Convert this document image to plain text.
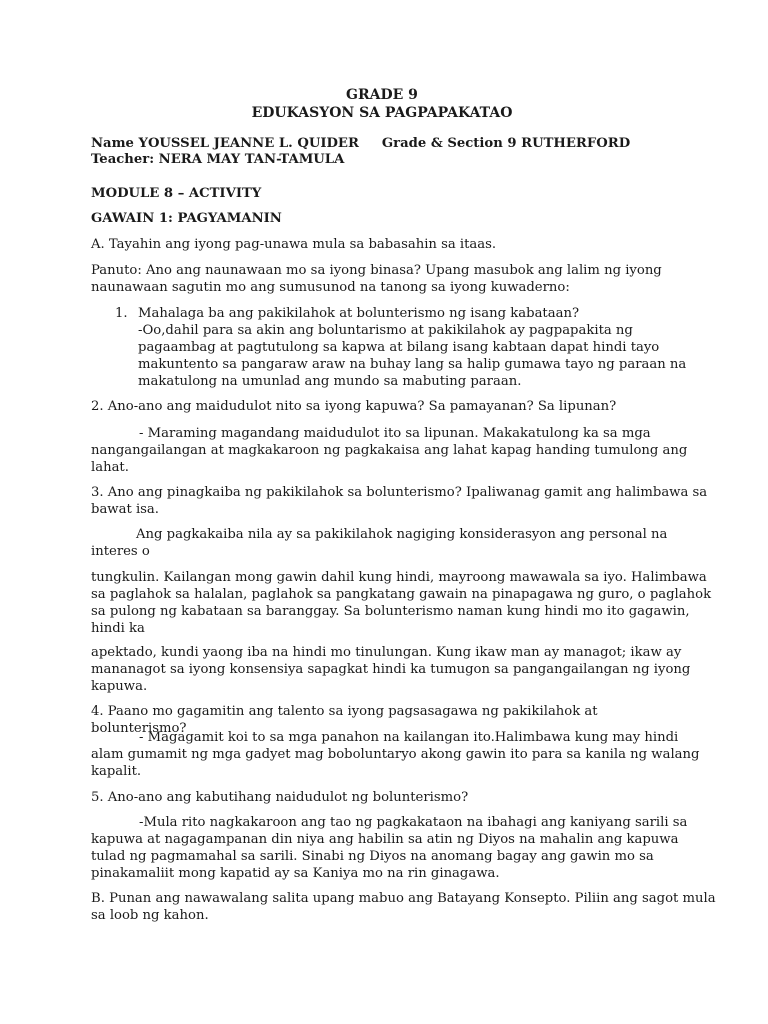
GRADE 9
EDUKASYON SA PAGPAPAKATAO
Name YOUSSEL JEANNE L. QUIDER     Grade & Section 9 RUTHERFORD
Teacher: NERA MAY TAN-TAMULA
MODULE 8 – ACTIVITY
GAWAIN 1: PAGYAMANIN
A. Tayahin ang iyong pag-unawa mula sa babasahin sa itaas.
Panuto: Ano ang naunawaan mo sa iyong binasa? Upang masubok ang lalim ng iyong
naunawaan sagutin mo ang sumusunod na tanong sa iyong kuwaderno:
1. Mahalaga ba ang pakikilahok at bolunterismo ng isang kabataan?
-Oo,dahil para sa akin ang boluntarismo at pakikilahok ay pagpapakita ng
pagaambag at pagtutulong sa kapwa at bilang isang kabtaan dapat hindi tayo
makuntento sa pangaraw araw na buhay lang sa halip gumawa tayo ng paraan na
makatulong na umunlad ang mundo sa mabuting paraan.
2. Ano-ano ang maidudulot nito sa iyong kapuwa? Sa pamayanan? Sa lipunan?
- Maraming magandang maidudulot ito sa lipunan. Makakatulong ka sa mga
nangangailangan at magkakaroon ng pagkakaisa ang lahat kapag handing tumulong ang
lahat.
3. Ano ang pinagkaiba ng pakikilahok sa bolunterismo? Ipaliwanag gamit ang halimbawa sa
bawat isa.
Ang pagkakaiba nila ay sa pakikilahok nagiging konsiderasyon ang personal na
interes o
tungkulin. Kailangan mong gawin dahil kung hindi, mayroong mawawala sa iyo. Halimbawa
sa paglahok sa halalan, paglahok sa pangkatang gawain na pinapagawa ng guro, o paglahok
sa pulong ng kabataan sa baranggay. Sa bolunterismo naman kung hindi mo ito gagawin,
hindi ka
apektado, kundi yaong iba na hindi mo tinulungan. Kung ikaw man ay managot; ikaw ay
mananagot sa iyong konsensiya sapagkat hindi ka tumugon sa pangangailangan ng iyong
kapuwa.
4. Paano mo gagamitin ang talento sa iyong pagsasagawa ng pakikilahok at bolunterismo?
- Magagamit koi to sa mga panahon na kailangan ito.Halimbawa kung may hindi
alam gumamit ng mga gadyet mag boboluntaryo akong gawin ito para sa kanila ng walang
kapalit.
5. Ano-ano ang kabutihang naidudulot ng bolunterismo?
-Mula rito nagkakaroon ang tao ng pagkakataon na ibahagi ang kaniyang sarili sa
kapuwa at nagagampanan din niya ang habilin sa atin ng Diyos na mahalin ang kapuwa
tulad ng pagmamahal sa sarili. Sinabi ng Diyos na anomang bagay ang gawin mo sa
pinakamaliit mong kapatid ay sa Kaniya mo na rin ginagawa.
B. Punan ang nawawalang salita upang mabuo ang Batayang Konsepto. Piliin ang sagot mula
sa loob ng kahon.
